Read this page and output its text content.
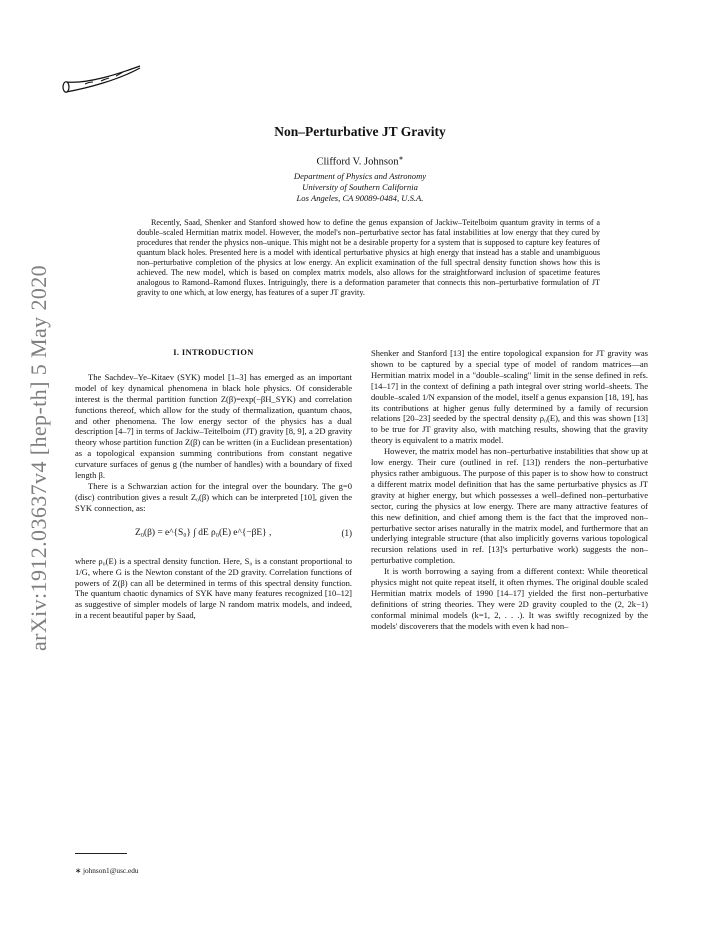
arXiv:1912.03637v4 [hep-th] 5 May 2020
Non–Perturbative JT Gravity
Clifford V. Johnson∗
Department of Physics and Astronomy
University of Southern California
Los Angeles, CA 90089-0484, U.S.A.
Recently, Saad, Shenker and Stanford showed how to define the genus expansion of Jackiw–Teitelboim quantum gravity in terms of a double–scaled Hermitian matrix model. However, the model's non–perturbative sector has fatal instabilities at low energy that they cured by procedures that render the physics non–unique. This might not be a desirable property for a system that is supposed to capture key features of quantum black holes. Presented here is a model with identical perturbative physics at high energy that instead has a stable and unambiguous non–perturbative completion of the physics at low energy. An explicit examination of the full spectral density function shows how this is achieved. The new model, which is based on complex matrix models, also allows for the straightforward inclusion of spacetime features analogous to Ramond–Ramond fluxes. Intriguingly, there is a deformation parameter that connects this non–perturbative formulation of JT gravity to one which, at low energy, has features of a super JT gravity.
I. INTRODUCTION

The Sachdev–Ye–Kitaev (SYK) model [1–3] has emerged as an important model of key dynamical phenomena in black hole physics. Of considerable interest is the thermal partition function Z(β)=exp(−βH_SYK) and correlation functions thereof, which allow for the study of thermalization, quantum chaos, and other phenomena. The low energy sector of the physics has a dual description [4–7] in terms of Jackiw–Teitelboim (JT) gravity [8, 9], a 2D gravity theory whose partition function Z(β) can be written (in a Euclidean presentation) as a topological expansion summing contributions from constant negative curvature surfaces of genus g (the number of handles) with a boundary of fixed length β.

There is a Schwarzian action for the integral over the boundary. The g=0 (disc) contribution gives a result Z₀(β) which can be interpreted [10], given the SYK connection, as:

Z₀(β) = e^{S₀} ∫ dE ρ₀(E) e^{−βE} ,	(1)

where ρ₀(E) is a spectral density function. Here, S₀ is a constant proportional to 1/G, where G is the Newton constant of the 2D gravity. Correlation functions of powers of Z(β) can all be determined in terms of this spectral density function. The quantum chaotic dynamics of SYK have many features recognized [10–12] as suggestive of simpler models of large N random matrix models, and indeed, in a recent beautiful paper by Saad,

Shenker and Stanford [13] the entire topological expansion for JT gravity was shown to be captured by a special type of model of random matrices—an Hermitian matrix model in a "double–scaling" limit in the sense defined in refs. [14–17] in the context of defining a path integral over string world–sheets. The double–scaled 1/N expansion of the model, itself a genus expansion [18, 19], has its contributions at higher genus fully determined by a family of recursion relations [20–23] seeded by the spectral density ρ₀(E), and this was shown [13] to be true for JT gravity also, with matching results, showing that the gravity theory is equivalent to a matrix model.

However, the matrix model has non–perturbative instabilities that show up at low energy. Their cure (outlined in ref. [13]) renders the non–perturbative physics rather ambiguous. The purpose of this paper is to show how to construct a different matrix model definition that has the same perturbative physics as JT gravity at higher energy, but which possesses a well–defined non–perturbative sector, curing the physics at low energy. There are many attractive features of this new definition, and chief among them is the fact that the improved non–perturbative sector arises naturally in the matrix model, and furthermore that an underlying integrable structure (that also implicitly governs various topological recursion relations used in ref. [13]'s perturbative work) suggests the non–perturbative completion.

It is worth borrowing a saying from a different context: While theoretical physics might not quite repeat itself, it often rhymes. The original double scaled Hermitian matrix models of 1990 [14–17] yielded the first non–perturbative definitions of string theories. They were 2D gravity coupled to the (2, 2k−1) conformal minimal models (k=1, 2, . . .). It was swiftly recognized by the models' discoverers that the models with even k had non–

∗ johnson1@usc.edu
